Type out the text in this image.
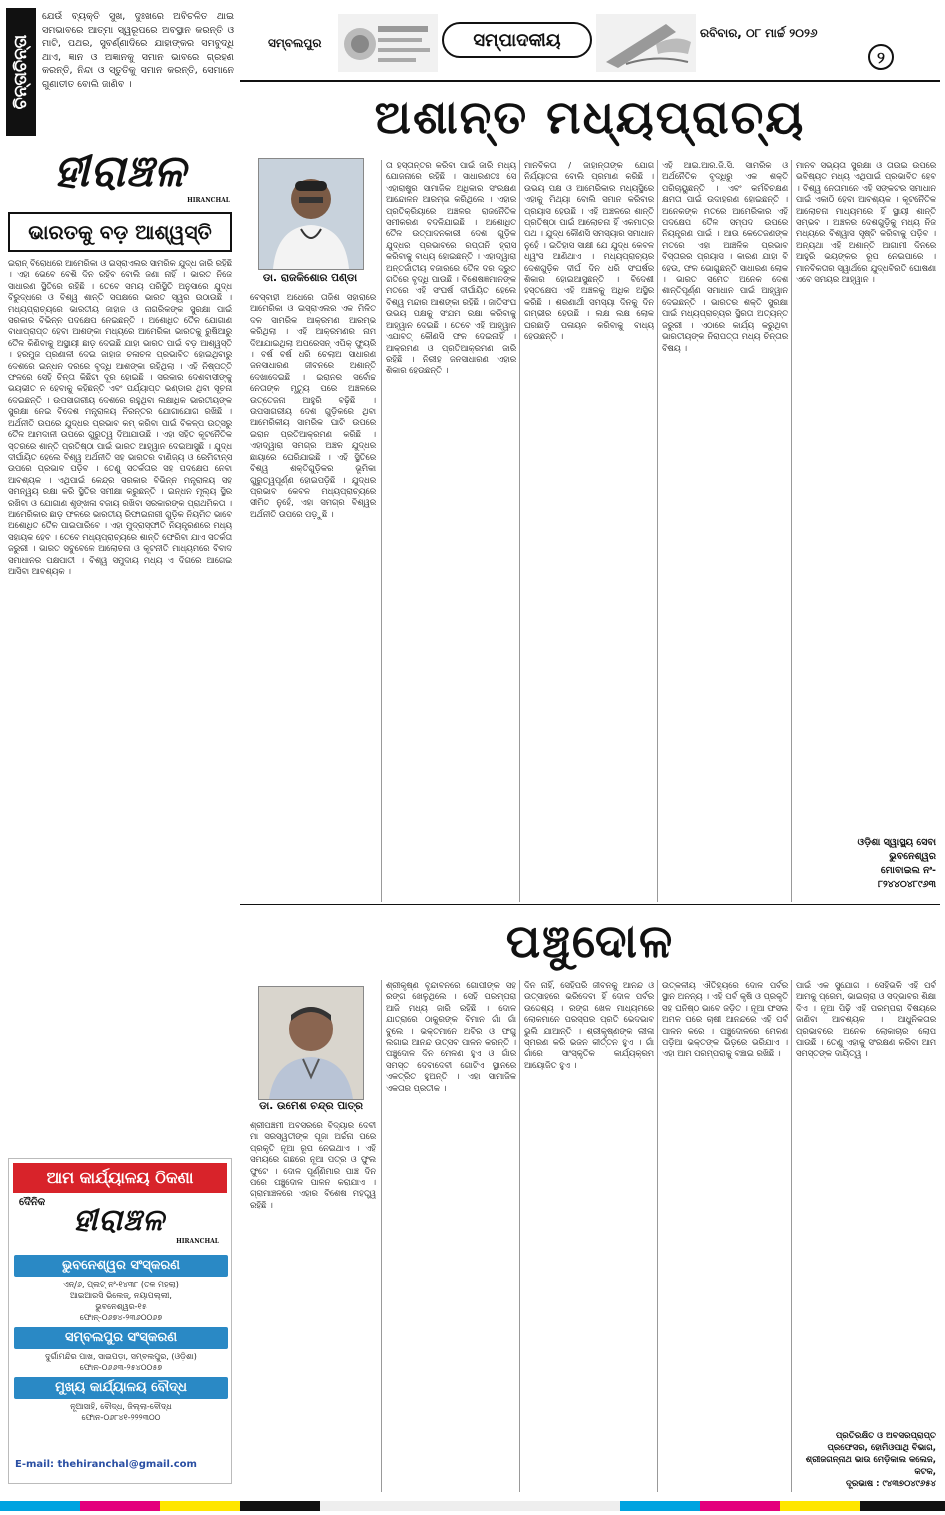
ଚିନ୍ତାଚିନ୍ତା
ଯେଉଁ ବ୍ୟକ୍ତି ସୁଖ, ଦୁଃଖରେ ଅବିଚଳିତ ଥାଇ ସମଭାବରେ ଆତ୍ମା ସ୍ୱରୂପରେ ଅବସ୍ଥାନ କରନ୍ତି ଓ ମାଟି, ପଥର, ସୁବର୍ଣ୍ଣାଦିରେ ଯାହାଙ୍କର ସମବୁଦ୍ଧି ଥାଏ, ଜ୍ଞାନ ଓ ଅଜ୍ଞାନକୁ ସମାନ ଭାବରେ ଗ୍ରହଣ କରନ୍ତି, ନିନ୍ଦା ଓ ସ୍ତୁତିକୁ ସମାନ କରନ୍ତି, ସେମାନେ ଗୁଣାତୀତ ବୋଲି ଜାଣିବ ।
ହୀରାଞ୍ଚଳ
HIRANCHAL
ଭାରତକୁ ବଡ଼ ଆଶ୍ୱସ୍ତି
ଇରାନ୍ ବିରୋଧରେ ଆମେରିକା ଓ ଇସ୍ରାଏଲର ସାମରିକ ଯୁଦ୍ଧ ଜାରି ରହିଛି । ଏହା ଭେବେ ବେଶି ଦିନ ରହିବ ବୋଲି ଜଣା ନାହିଁ । ଭାରତ ନିଜେ ସାଧାରଣ ସ୍ଥିତିରେ ରହିଛି । ତେବେ ସମୟ ପରିସ୍ଥିତି ଅନୁସାରେ ଯୁଦ୍ଧ ବିରୁଦ୍ଧରେ ଓ ବିଶ୍ୱ ଶାନ୍ତି ସପକ୍ଷରେ ଭାରତ ସ୍ୱର ଉଠାଉଛି । ମଧ୍ୟପ୍ରାଚ୍ୟରେ ଭାରତୀୟ ଜାହାଜ ଓ ନାଗରିକଙ୍କ ସୁରକ୍ଷା ପାଇଁ ସରକାର ବିଭିନ୍ନ ପଦକ୍ଷେପ ନେଇଛନ୍ତି । ଅଶୋଧିତ ତୈଳ ଯୋଗାଣ ବାଧାପ୍ରାପ୍ତ ହେବା ଆଶଙ୍କା ମଧ୍ୟରେ ଆମେରିକା ଭାରତକୁ ରୁଷିଆରୁ ତୈଳ କିଣିବାକୁ ଅସ୍ଥାୟୀ ଛାଡ଼ ଦେଇଛି ଯାହା ଭାରତ ପାଇଁ ବଡ଼ ଆଶ୍ୱସ୍ତି । ହରମୁଜ ପ୍ରଣାଳୀ ଦେଇ ଜାହାଜ ଚଳାଚଳ ପ୍ରଭାବିତ ହୋଇଥିବାରୁ ଦେଶରେ ଇନ୍ଧନ ଦରରେ ବୃଦ୍ଧି ଆଶଙ୍କା ରହିଥିଲା । ଏହି ନିଷ୍ପତ୍ତି ଫଳରେ ସେହି ଚିନ୍ତା କିଛିଟା ଦୂର ହୋଇଛି । ସରକାର ଦେଶବାସୀଙ୍କୁ ଭୟଭୀତ ନ ହେବାକୁ କହିଛନ୍ତି ଏବଂ ପର୍ଯ୍ୟାପ୍ତ ଭଣ୍ଡାର ଥିବା ସୂଚନା ଦେଇଛନ୍ତି । ଉପସାଗରୀୟ ଦେଶରେ ରହୁଥିବା ଲକ୍ଷାଧିକ ଭାରତୀୟଙ୍କ ସୁରକ୍ଷା ନେଇ ବିଦେଶ ମନ୍ତ୍ରାଳୟ ନିରନ୍ତର ଯୋଗାଯୋଗ ରଖିଛି । ଅର୍ଥନୀତି ଉପରେ ଯୁଦ୍ଧର ପ୍ରଭାବ କମ୍ କରିବା ପାଇଁ ବିକଳ୍ପ ଉତ୍ସରୁ ତୈଳ ଆମଦାନୀ ଉପରେ ଗୁରୁତ୍ୱ ଦିଆଯାଉଛି । ଏହା ସହିତ କୂଟନୈତିକ ସ୍ତରରେ ଶାନ୍ତି ପ୍ରତିଷ୍ଠା ପାଇଁ ଭାରତ ଆହ୍ୱାନ ଦେଇଆସୁଛି । ଯୁଦ୍ଧ ଦୀର୍ଘାୟିତ ହେଲେ ବିଶ୍ୱ ଅର୍ଥନୀତି ସହ ଭାରତର ବାଣିଜ୍ୟ ଓ ରେମିଟାନ୍ସ ଉପରେ ପ୍ରଭାବ ପଡ଼ିବ । ତେଣୁ ସତର୍କତାର ସହ ପଦକ୍ଷେପ ନେବା ଆବଶ୍ୟକ । ଏଥିପାଇଁ କେନ୍ଦ୍ର ସରକାର ବିଭିନ୍ନ ମନ୍ତ୍ରାଳୟ ସହ ସମନ୍ୱୟ ରକ୍ଷା କରି ସ୍ଥିତିର ସମୀକ୍ଷା କରୁଛନ୍ତି । ଇନ୍ଧନ ମୂଲ୍ୟ ସ୍ଥିର ରଖିବା ଓ ଯୋଗାଣ ଶୃଙ୍ଖଳା ବଜାୟ ରଖିବା ସରକାରଙ୍କ ପ୍ରାଥମିକତା । ଆମେରିକାର ଛାଡ଼ ଫଳରେ ଭାରତୀୟ ରିଫାଇନାରୀ ଗୁଡ଼ିକ ନିୟମିତ ଭାବେ ଅଶୋଧିତ ତୈଳ ପାଇପାରିବେ । ଏହା ମୁଦ୍ରାସ୍ଫୀତି ନିୟନ୍ତ୍ରଣରେ ମଧ୍ୟ ସହାୟକ ହେବ । ତେବେ ମଧ୍ୟପ୍ରାଚ୍ୟରେ ଶାନ୍ତି ଫେରିବା ଯାଏ ସତର୍କତା ଜରୁରୀ । ଭାରତ ସବୁବେଳେ ଆଲୋଚନା ଓ କୂଟନୀତି ମାଧ୍ୟମରେ ବିବାଦ ସମାଧାନର ପକ୍ଷପାତୀ । ବିଶ୍ୱ ସମୁଦାୟ ମଧ୍ୟ ଏ ଦିଗରେ ଆଗେଇ ଆସିବା ଆବଶ୍ୟକ ।
ସମ୍ବଲପୁର	ସମ୍ପାଦକୀୟ	ରବିବାର, ୦୮ ମାର୍ଚ୍ଚ ୨୦୨୬
୨
ଅଶାନ୍ତ ମଧ୍ୟପ୍ରାଚ୍ୟ
ଡା. ରାଜକିଶୋର ପଣ୍ଡା
ବେସ୍‌ବାହୀ ଅଧେରେ ତାଜିଶ ସହାରାରେ ଆମେରିକା ଓ ଇସ୍ରାଏଲର ଏକ ମିଳିତ ଦଳ ସାମରିକ ଆକ୍ରମଣ ଆରମ୍ଭ କରିଥିଲା । ଏହି ଆକ୍ରମଣର ନାମ ଦିଆଯାଇଥିଲା ଅପରେସନ୍ ଏପିକ୍ ଫ୍ୟୁରି । ବର୍ଷ ବର୍ଷ ଧରି ଚେଲାଅ ସାଧାରଣ ଜନସାଧାରଣ ଜୀବନରେ ଅଶାନ୍ତି ଦେଖାଦେଇଛି । ଇରାନର ସର୍ବୋଚ୍ଚ ନେତାଙ୍କ ମୃତ୍ୟୁ ପରେ ଅଞ୍ଚଳରେ ଉତ୍ତେଜନା ଆହୁରି ବଢ଼ିଛି । ଉପସାଗରୀୟ ଦେଶ ଗୁଡ଼ିକରେ ଥିବା ଆମେରିକୀୟ ସାମରିକ ଘାଟି ଉପରେ ଇରାନ ପ୍ରତିଆକ୍ରମଣ କରିଛି । ଏହାଦ୍ୱାରା ସମଗ୍ର ଅଞ୍ଚଳ ଯୁଦ୍ଧର ଛାୟାରେ ଘେରିଯାଇଛି । ଏହି ସ୍ଥିତିରେ ବିଶ୍ୱ ଶକ୍ତିଗୁଡ଼ିକର ଭୂମିକା ଗୁରୁତ୍ୱପୂର୍ଣ୍ଣ ହୋଇପଡ଼ିଛି । ଯୁଦ୍ଧର ପ୍ରଭାବ କେବଳ ମଧ୍ୟପ୍ରାଚ୍ୟରେ ସୀମିତ ନୁହେଁ, ଏହା ସମଗ୍ର ବିଶ୍ୱର ଅର୍ଥନୀତି ଉପରେ ପଡ଼ୁଛି ।
ତା ହସ୍ତାନ୍ତର କରିବା ପାଇଁ ଜାରି ମଧ୍ୟ ଯୋଜନାରେ ରହିଛି । ସାଧାରଣତଃ ସେ ଏହାରାଷ୍ଟ୍ର ସାମାଜିକ ଅଧିକାର ସଂରକ୍ଷଣ ଆନ୍ଦୋଳନ ଆରମ୍ଭ କରିଥିଲେ । ଏହାର ପ୍ରତିକ୍ରିୟାରେ ଅଞ୍ଚଳର ରାଜନୈତିକ ସମୀକରଣ ବଦଳିଯାଇଛି । ଅଶୋଧିତ ତୈଳ ଉତ୍ପାଦନକାରୀ ଦେଶ ଗୁଡ଼ିକ ଯୁଦ୍ଧର ପ୍ରଭାବରେ ରପ୍ତାନି ହ୍ରାସ କରିବାକୁ ବାଧ୍ୟ ହୋଇଛନ୍ତି । ଏହାଦ୍ୱାରା ଅନ୍ତର୍ଜାତୀୟ ବଜାରରେ ତୈଳ ଦର ଦ୍ରୁତ ଗତିରେ ବୃଦ୍ଧି ପାଉଛି । ବିଶେଷଜ୍ଞମାନଙ୍କ ମତରେ ଏହି ସଂଘର୍ଷ ଦୀର୍ଘାୟିତ ହେଲେ ବିଶ୍ୱ ମନ୍ଦାର ଆଶଙ୍କା ରହିଛି । ଜାତିସଂଘ ଉଭୟ ପକ୍ଷକୁ ସଂଯମ ରକ୍ଷା କରିବାକୁ ଆହ୍ୱାନ ଦେଇଛି । ତେବେ ଏହି ଆହ୍ୱାନ ଏଯାବତ୍ କୌଣସି ଫଳ ଦେଇନାହିଁ । ଆକ୍ରମଣ ଓ ପ୍ରତିଆକ୍ରମଣ ଜାରି ରହିଛି । ନିରୀହ ଜନସାଧାରଣ ଏହାର ଶିକାର ହେଉଛନ୍ତି ।
ମାନବିକତା / ଜାହାନ୍ତାଙ୍କ ଯୋଗ ନିର୍ଯ୍ୟାତନା ବୋଲି ପ୍ରମାଣ କରିଛି । ଉଭୟ ପକ୍ଷ ଓ ଆମେରିକାର ମଧ୍ୟସ୍ଥିରେ ଏହାକୁ ମିଥ୍ୟା ବୋଲି ସମାନ କରିବାର ପ୍ରୟାସ ହେଉଛି । ଏହି ଅଞ୍ଚଳରେ ଶାନ୍ତି ପ୍ରତିଷ୍ଠା ପାଇଁ ଆଲୋଚନା ହିଁ ଏକମାତ୍ର ପଥ । ଯୁଦ୍ଧ କୌଣସି ସମସ୍ୟାର ସମାଧାନ ନୁହେଁ । ଇତିହାସ ସାକ୍ଷୀ ଯେ ଯୁଦ୍ଧ କେବଳ ଧ୍ୱଂସ ଆଣିଥାଏ । ମଧ୍ୟପ୍ରାଚ୍ୟର ଦେଶଗୁଡ଼ିକ ଦୀର୍ଘ ଦିନ ଧରି ସଂଘର୍ଷର ଶିକାର ହୋଇଆସୁଛନ୍ତି । ବିଦେଶୀ ହସ୍ତକ୍ଷେପ ଏହି ଅଞ୍ଚଳକୁ ଅଧିକ ଅସ୍ଥିର କରିଛି । ଶରଣାର୍ଥୀ ସମସ୍ୟା ଦିନକୁ ଦିନ ଗମ୍ଭୀର ହେଉଛି । ଲକ୍ଷ ଲକ୍ଷ ଲୋକ ଘରଛାଡ଼ି ପଳାୟନ କରିବାକୁ ବାଧ୍ୟ ହେଉଛନ୍ତି ।
ଏହି ଆଇ.ଆର.ଜି.ସି. ସାମରିକ ଓ ଅର୍ଥନୈତିକ ବୃଦ୍ଧିରୁ ଏକ ଶକ୍ତି ପରିଚାୟୁଛନ୍ତି । ଏବଂ କର୍ମବିଚକ୍ଷଣ କ୍ଷମତା ପାଇଁ ଉଦାହରଣ ହୋଇଛନ୍ତି । ଅନେକଙ୍କ ମତରେ ଆମେରିକାର ଏହି ପଦକ୍ଷେପ ତୈଳ ସମ୍ପଦ ଉପରେ ନିୟନ୍ତ୍ରଣ ପାଇଁ । ଆଉ କେତେଜଣଙ୍କ ମତରେ ଏହା ଆଞ୍ଚଳିକ ପ୍ରଭାବ ବିସ୍ତାରର ପ୍ରୟାସ । କାରଣ ଯାହା ବି ହେଉ, ଫଳ ଭୋଗୁଛନ୍ତି ସାଧାରଣ ଲୋକ । ଭାରତ ସମେତ ଅନେକ ଦେଶ ଶାନ୍ତିପୂର୍ଣ୍ଣ ସମାଧାନ ପାଇଁ ଆହ୍ୱାନ ଦେଇଛନ୍ତି । ଭାରତର ଶକ୍ତି ସୁରକ୍ଷା ପାଇଁ ମଧ୍ୟପ୍ରାଚ୍ୟର ସ୍ଥିରତା ଅତ୍ୟନ୍ତ ଜରୁରୀ । ଏଠାରେ କାର୍ଯ୍ୟ କରୁଥିବା ଭାରତୀୟଙ୍କ ନିରାପତ୍ତା ମଧ୍ୟ ଚିନ୍ତାର ବିଷୟ ।
ମାନବ ସଭ୍ୟତା ସୁରକ୍ଷା ଓ ତାଉଇ ଉପରେ ଭବିଷ୍ୟତ ମଧ୍ୟ ଏଥିପାଇଁ ପ୍ରଭାବିତ ହେବ । ବିଶ୍ୱ ନେତାମାନେ ଏହି ସଙ୍କଟର ସମାଧାନ ପାଇଁ ଏକାଠି ହେବା ଆବଶ୍ୟକ । କୂଟନୈତିକ ଆଲୋଚନା ମାଧ୍ୟମରେ ହିଁ ସ୍ଥାୟୀ ଶାନ୍ତି ସମ୍ଭବ । ଅଞ୍ଚଳର ଦେଶଗୁଡ଼ିକୁ ମଧ୍ୟ ନିଜ ମଧ୍ୟରେ ବିଶ୍ୱାସ ସୃଷ୍ଟି କରିବାକୁ ପଡ଼ିବ । ଅନ୍ୟଥା ଏହି ଅଶାନ୍ତି ଆଗାମୀ ଦିନରେ ଆହୁରି ଭୟଙ୍କର ରୂପ ନେଇପାରେ । ମାନବିକତାର ସ୍ୱାର୍ଥରେ ଯୁଦ୍ଧବିରତି ଘୋଷଣା ଏବେ ସମୟର ଆହ୍ୱାନ ।
ଓଡ଼ିଶା ସ୍ୱାସ୍ଥ୍ୟ ସେବା
ଭୁବନେଶ୍ୱର
ମୋବାଇଲ ନଂ-
୮୨୪୪୦୪୮୯୬୩
ପଞ୍ଚୁଦୋଳ
ଡା. ଉମେଶ ଚନ୍ଦ୍ର ପାତ୍ର
ଶ୍ରୀପଞ୍ଚମୀ ଅବସରରେ ବିଦ୍ୟାର ଦେବୀ ମା ସରସ୍ୱତୀଙ୍କ ପୂଜା ଅର୍ଚ୍ଚନା ପରେ ପ୍ରକୃତି ନୂଆ ରୂପ ନେଇଥାଏ । ଏହି ସମୟରେ ଗଛରେ ନୂଆ ପତ୍ର ଓ ଫୁଲ ଫୁଟେ । ଦୋଳ ପୂର୍ଣ୍ଣିମାର ପାଞ୍ଚ ଦିନ ପରେ ପଞ୍ଚୁଦୋଳ ପାଳନ କରାଯାଏ । ଗ୍ରାମାଞ୍ଚଳରେ ଏହାର ବିଶେଷ ମହତ୍ତ୍ୱ ରହିଛି ।
ଶ୍ରୀକୃଷ୍ଣ ବୃନ୍ଦାବନରେ ଗୋପୀଙ୍କ ସହ ରଙ୍ଗ ଖେଳୁଥିଲେ । ସେହି ପରମ୍ପରା ଆଜି ମଧ୍ୟ ଜାରି ରହିଛି । ଦୋଳ ଯାତ୍ରାରେ ଠାକୁରଙ୍କ ବିମାନ ଗାଁ ଗାଁ ବୁଲେ । ଭକ୍ତମାନେ ଅବିର ଓ ଫଗୁ ଲଗାଇ ଆନନ୍ଦ ଉତ୍ସବ ପାଳନ କରନ୍ତି । ପଞ୍ଚୁଦୋଳ ଦିନ ମେଳଣ ହୁଏ ଓ ଗାଁର ସମସ୍ତ ଦେବାଦେବୀ ଗୋଟିଏ ସ୍ଥାନରେ ଏକତ୍ରିତ ହୁଅନ୍ତି । ଏହା ସାମାଜିକ ଏକତାର ପ୍ରତୀକ ।
ଦିନ ନାହିଁ, ସେହିପରି ଜୀବନକୁ ଆନନ୍ଦ ଓ ଉତ୍ସାହରେ ଭରିଦେବା ହିଁ ଦୋଳ ପର୍ବର ଉଦ୍ଦେଶ୍ୟ । ରଙ୍ଗ ଖେଳ ମାଧ୍ୟମରେ ଲୋକମାନେ ପରସ୍ପର ପ୍ରତି ଭେଦଭାବ ଭୁଲି ଯାଆନ୍ତି । ଶ୍ରୀକୃଷ୍ଣଙ୍କ ଲୀଳା ସ୍ମରଣ କରି ଭଜନ କୀର୍ତ୍ତନ ହୁଏ । ଗାଁ ଗାଁରେ ସାଂସ୍କୃତିକ କାର୍ଯ୍ୟକ୍ରମ ଆୟୋଜିତ ହୁଏ ।
ଉତ୍କଳୀୟ ଐତିହ୍ୟରେ ଦୋଳ ପର୍ବର ସ୍ଥାନ ଅନନ୍ୟ । ଏହି ପର୍ବ କୃଷି ଓ ପ୍ରକୃତି ସହ ଘନିଷ୍ଠ ଭାବେ ଜଡ଼ିତ । ନୂଆ ଫସଲ ଅମଳ ପରେ ଚାଷୀ ଆନନ୍ଦରେ ଏହି ପର୍ବ ପାଳନ କରେ । ପଞ୍ଚୁଦୋଳରେ ମେଳଣ ପଡ଼ିଆ ଭକ୍ତଙ୍କ ଭିଡ଼ରେ ଭରିଯାଏ । ଏହା ଆମ ପରମ୍ପରାକୁ ବଞ୍ଚାଇ ରଖିଛି ।
ପାଇଁ ଏକ ସୁଯୋଗ । ସେହିଭଳି ଏହି ପର୍ବ ଆମକୁ ପ୍ରେମ, ଭାଇଚାରା ଓ ସଦ୍‌ଭାବର ଶିକ୍ଷା ଦିଏ । ନୂଆ ପିଢ଼ି ଏହି ପରମ୍ପରା ବିଷୟରେ ଜାଣିବା ଆବଶ୍ୟକ । ଆଧୁନିକତାର ପ୍ରଭାବରେ ଅନେକ ଲୋକାଚାର ଲୋପ ପାଉଛି । ତେଣୁ ଏହାକୁ ସଂରକ୍ଷଣ କରିବା ଆମ ସମସ୍ତଙ୍କ ଦାୟିତ୍ୱ ।
ପ୍ରତିରକ୍ଷିତ ଓ ଅବସରପ୍ରାପ୍ତ
ପ୍ରଫେସର, ହୋମିଓପାଥି ବିଭାଗ,
ଶ୍ରୀଜଗନ୍ନାଥ ଭାଉ ମେଡ଼ିକାଲ କଲେଜ,
କଟକ,
ଦୂରଭାଷ : ୯୪୩୭୦୪୯୬୫୪
ଆମ କାର୍ଯ୍ୟାଳୟ ଠିକଣା
ଦୈନିକ
ହୀରାଞ୍ଚଳ
HIRANCHAL
ଭୁବନେଶ୍ୱର ସଂସ୍କରଣ
ଏନ୍/୬, ପ୍ଲଟ୍ ନଂ-୧୪୩୮ (ତଳ ମହଲା)
ଆଇଆରସି ଭିଲେଜ୍, ନୟାପଲ୍ଲୀ,
ଭୁବନେଶ୍ୱର-୧୫
ଫୋନ୍-୦୬୭୪-୨୩୬୦୦୬୭
ସମ୍ବଲପୁର ସଂସ୍କରଣ
ଦୁର୍ଗାମନ୍ଦିର ପାଖ, ସାଇପଡ଼ା, ସମ୍ବଲପୁର, (ଓଡ଼ିଶା)
ଫୋନ-୦୬୬୩-୨୫୪୦୦୫୭
ମୁଖ୍ୟ କାର୍ଯ୍ୟାଳୟ ବୌଦ୍ଧ
ନୂଆସାହି, ବୌଦ୍ଧ, ଜିଲ୍ଲା-ବୌଦ୍ଧ
ଫୋନ-୦୬୮୪୧-୨୨୨୩୦୦
E-mail: thehiranchal@gmail.com
